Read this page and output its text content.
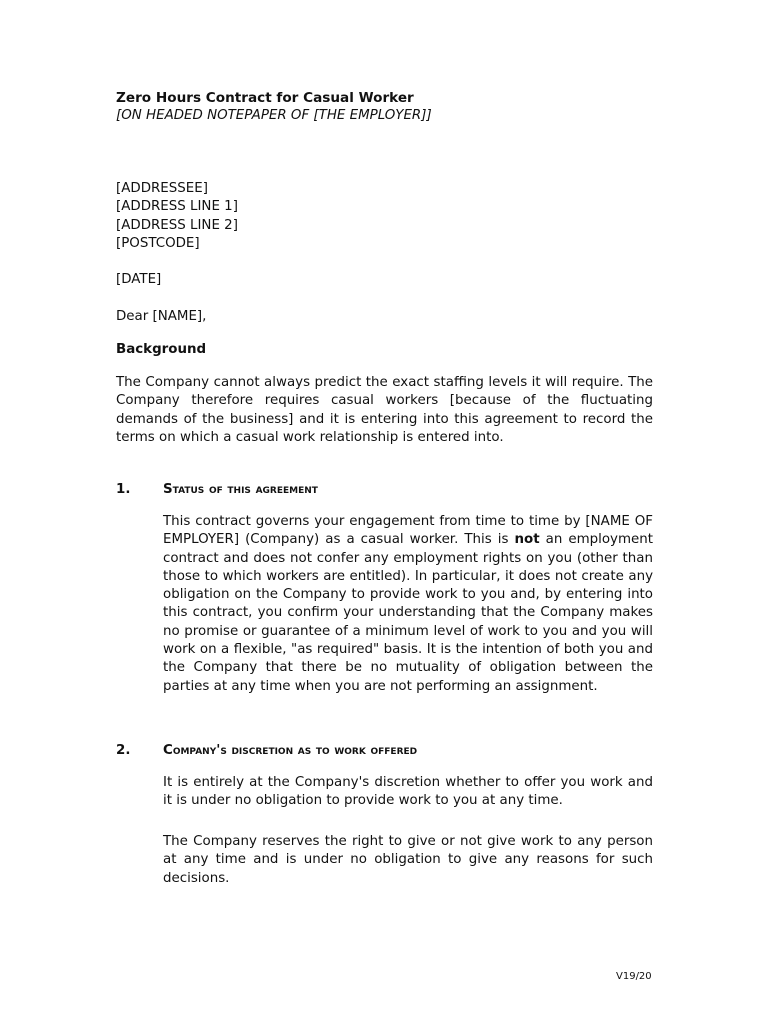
Zero Hours Contract for Casual Worker
[ON HEADED NOTEPAPER OF [THE EMPLOYER]]
[ADDRESSEE]
[ADDRESS LINE 1]
[ADDRESS LINE 2]
[POSTCODE]
[DATE]
Dear [NAME],
Background

The Company cannot always predict the exact staffing levels it will require. The Company therefore requires casual workers [because of the fluctuating demands of the business] and it is entering into this agreement to record the terms on which a casual work relationship is entered into.

1. Status of this agreement

This contract governs your engagement from time to time by [NAME OF EMPLOYER] (Company) as a casual worker. This is not an employment contract and does not confer any employment rights on you (other than those to which workers are entitled). In particular, it does not create any obligation on the Company to provide work to you and, by entering into this contract, you confirm your understanding that the Company makes no promise or guarantee of a minimum level of work to you and you will work on a flexible, "as required" basis. It is the intention of both you and the Company that there be no mutuality of obligation between the parties at any time when you are not performing an assignment.

2. Company's discretion as to work offered

It is entirely at the Company's discretion whether to offer you work and it is under no obligation to provide work to you at any time.

The Company reserves the right to give or not give work to any person at any time and is under no obligation to give any reasons for such decisions.

V19/20
